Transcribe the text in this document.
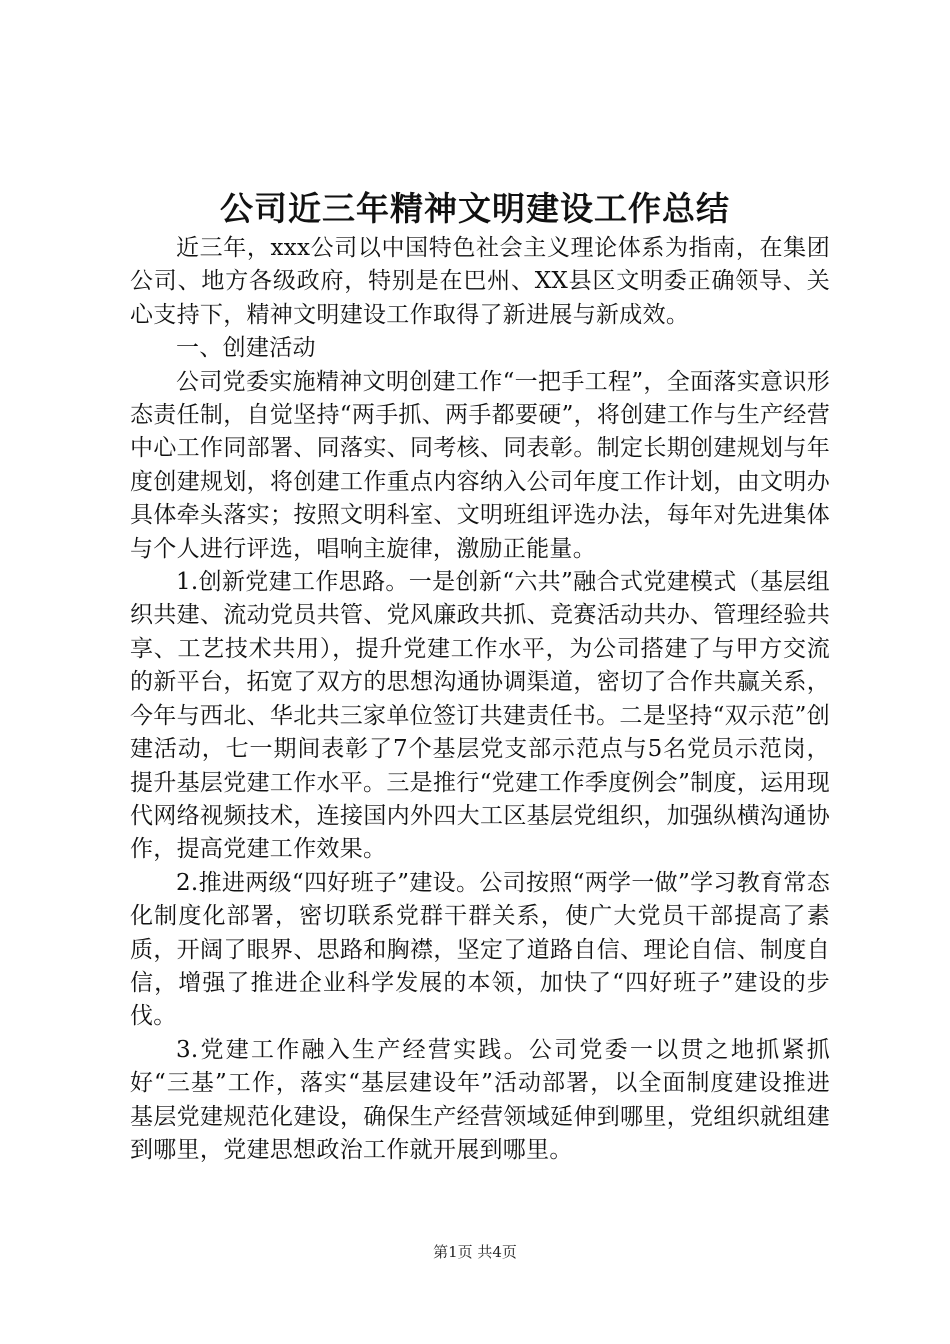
公司近三年精神文明建设工作总结

近三年，xxx公司以中国特色社会主义理论体系为指南，在集团公司、地方各级政府，特别是在巴州、XX县区文明委正确领导、关心支持下，精神文明建设工作取得了新进展与新成效。

一、创建活动

公司党委实施精神文明创建工作“一把手工程”，全面落实意识形态责任制，自觉坚持“两手抓、两手都要硬”，将创建工作与生产经营中心工作同部署、同落实、同考核、同表彰。制定长期创建规划与年度创建规划，将创建工作重点内容纳入公司年度工作计划，由文明办具体牵头落实；按照文明科室、文明班组评选办法，每年对先进集体与个人进行评选，唱响主旋律，激励正能量。

1.创新党建工作思路。一是创新“六共”融合式党建模式（基层组织共建、流动党员共管、党风廉政共抓、竞赛活动共办、管理经验共享、工艺技术共用），提升党建工作水平，为公司搭建了与甲方交流的新平台，拓宽了双方的思想沟通协调渠道，密切了合作共赢关系，今年与西北、华北共三家单位签订共建责任书。二是坚持“双示范”创建活动，七一期间表彰了7个基层党支部示范点与5名党员示范岗，提升基层党建工作水平。三是推行“党建工作季度例会”制度，运用现代网络视频技术，连接国内外四大工区基层党组织，加强纵横沟通协作，提高党建工作效果。

2.推进两级“四好班子”建设。公司按照“两学一做”学习教育常态化制度化部署，密切联系党群干群关系，使广大党员干部提高了素质，开阔了眼界、思路和胸襟，坚定了道路自信、理论自信、制度自信，增强了推进企业科学发展的本领，加快了“四好班子”建设的步伐。

3.党建工作融入生产经营实践。公司党委一以贯之地抓紧抓好“三基”工作，落实“基层建设年”活动部署，以全面制度建设推进基层党建规范化建设，确保生产经营领域延伸到哪里，党组织就组建到哪里，党建思想政治工作就开展到哪里。

第1页 共4页
